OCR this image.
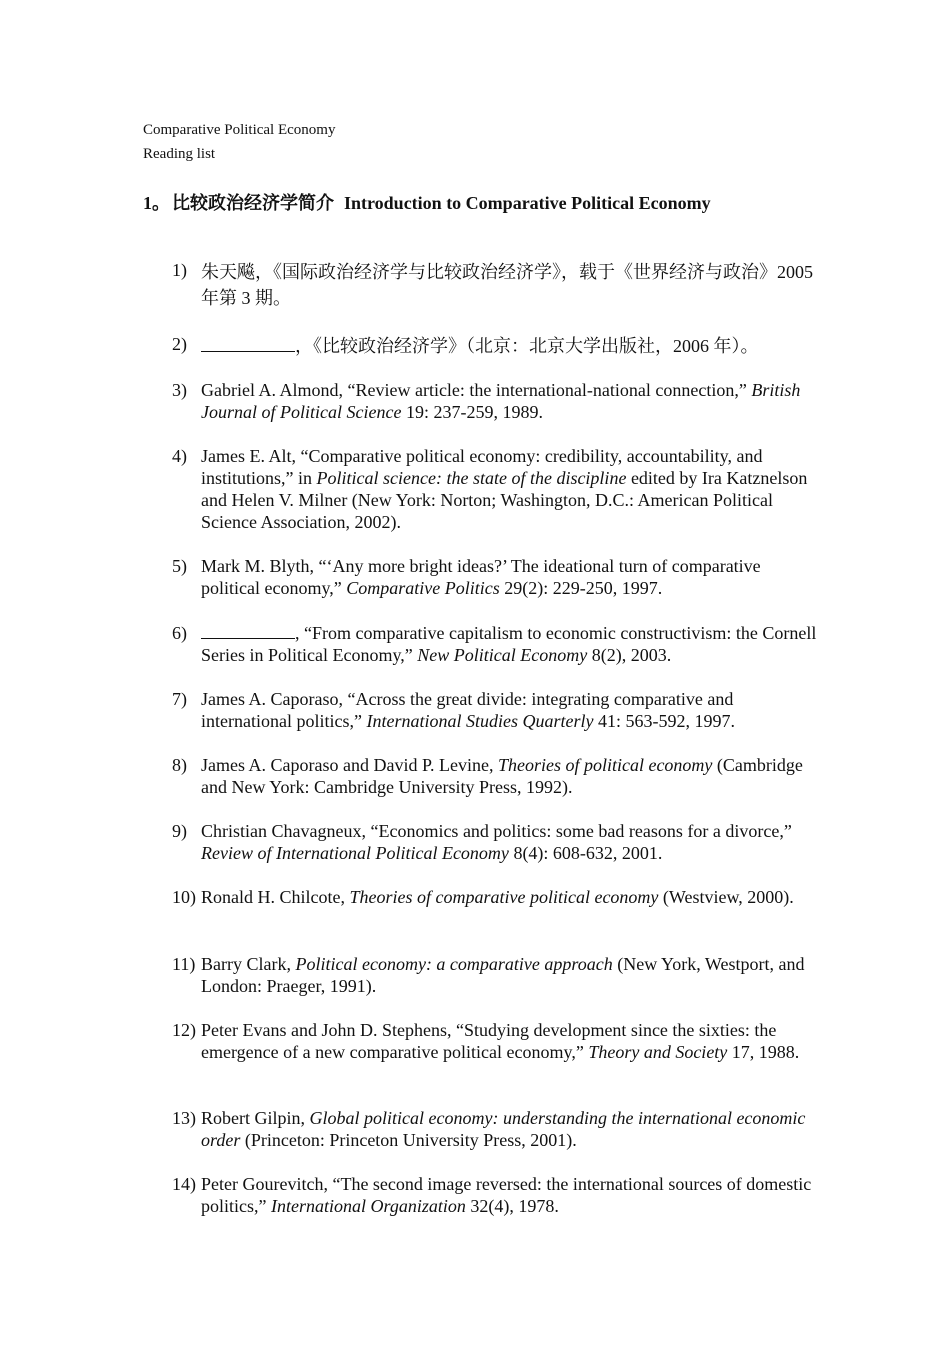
Comparative Political Economy
Reading list
1。 比较政治经济学简介 Introduction to Comparative Political Economy
1) 朱天飚，《国际政治经济学与比较政治经济学》，载于《世界经济与政治》2005 年第 3 期。
2)	，《比较政治经济学》（北京：北京大学出版社，2006 年）。
3) Gabriel A. Almond, “Review article: the international-national connection,” British Journal of Political Science 19: 237-259, 1989.
4) James E. Alt, “Comparative political economy: credibility, accountability, and institutions,” in Political science: the state of the discipline edited by Ira Katznelson and Helen V. Milner (New York: Norton; Washington, D.C.: American Political Science Association, 2002).
5) Mark M. Blyth, “‘Any more bright ideas?’ The ideational turn of comparative political economy,” Comparative Politics 29(2): 229-250, 1997.
6)	, “From comparative capitalism to economic constructivism: the Cornell Series in Political Economy,” New Political Economy 8(2), 2003.
7) James A. Caporaso, “Across the great divide: integrating comparative and international politics,” International Studies Quarterly 41: 563-592, 1997.
8) James A. Caporaso and David P. Levine, Theories of political economy (Cambridge and New York: Cambridge University Press, 1992).
9) Christian Chavagneux, “Economics and politics: some bad reasons for a divorce,” Review of International Political Economy 8(4): 608-632, 2001.
10) Ronald H. Chilcote, Theories of comparative political economy (Westview, 2000).
11) Barry Clark, Political economy: a comparative approach (New York, Westport, and London: Praeger, 1991).
12) Peter Evans and John D. Stephens, “Studying development since the sixties: the emergence of a new comparative political economy,” Theory and Society 17, 1988.
13) Robert Gilpin, Global political economy: understanding the international economic order (Princeton: Princeton University Press, 2001).
14) Peter Gourevitch, “The second image reversed: the international sources of domestic politics,” International Organization 32(4), 1978.
